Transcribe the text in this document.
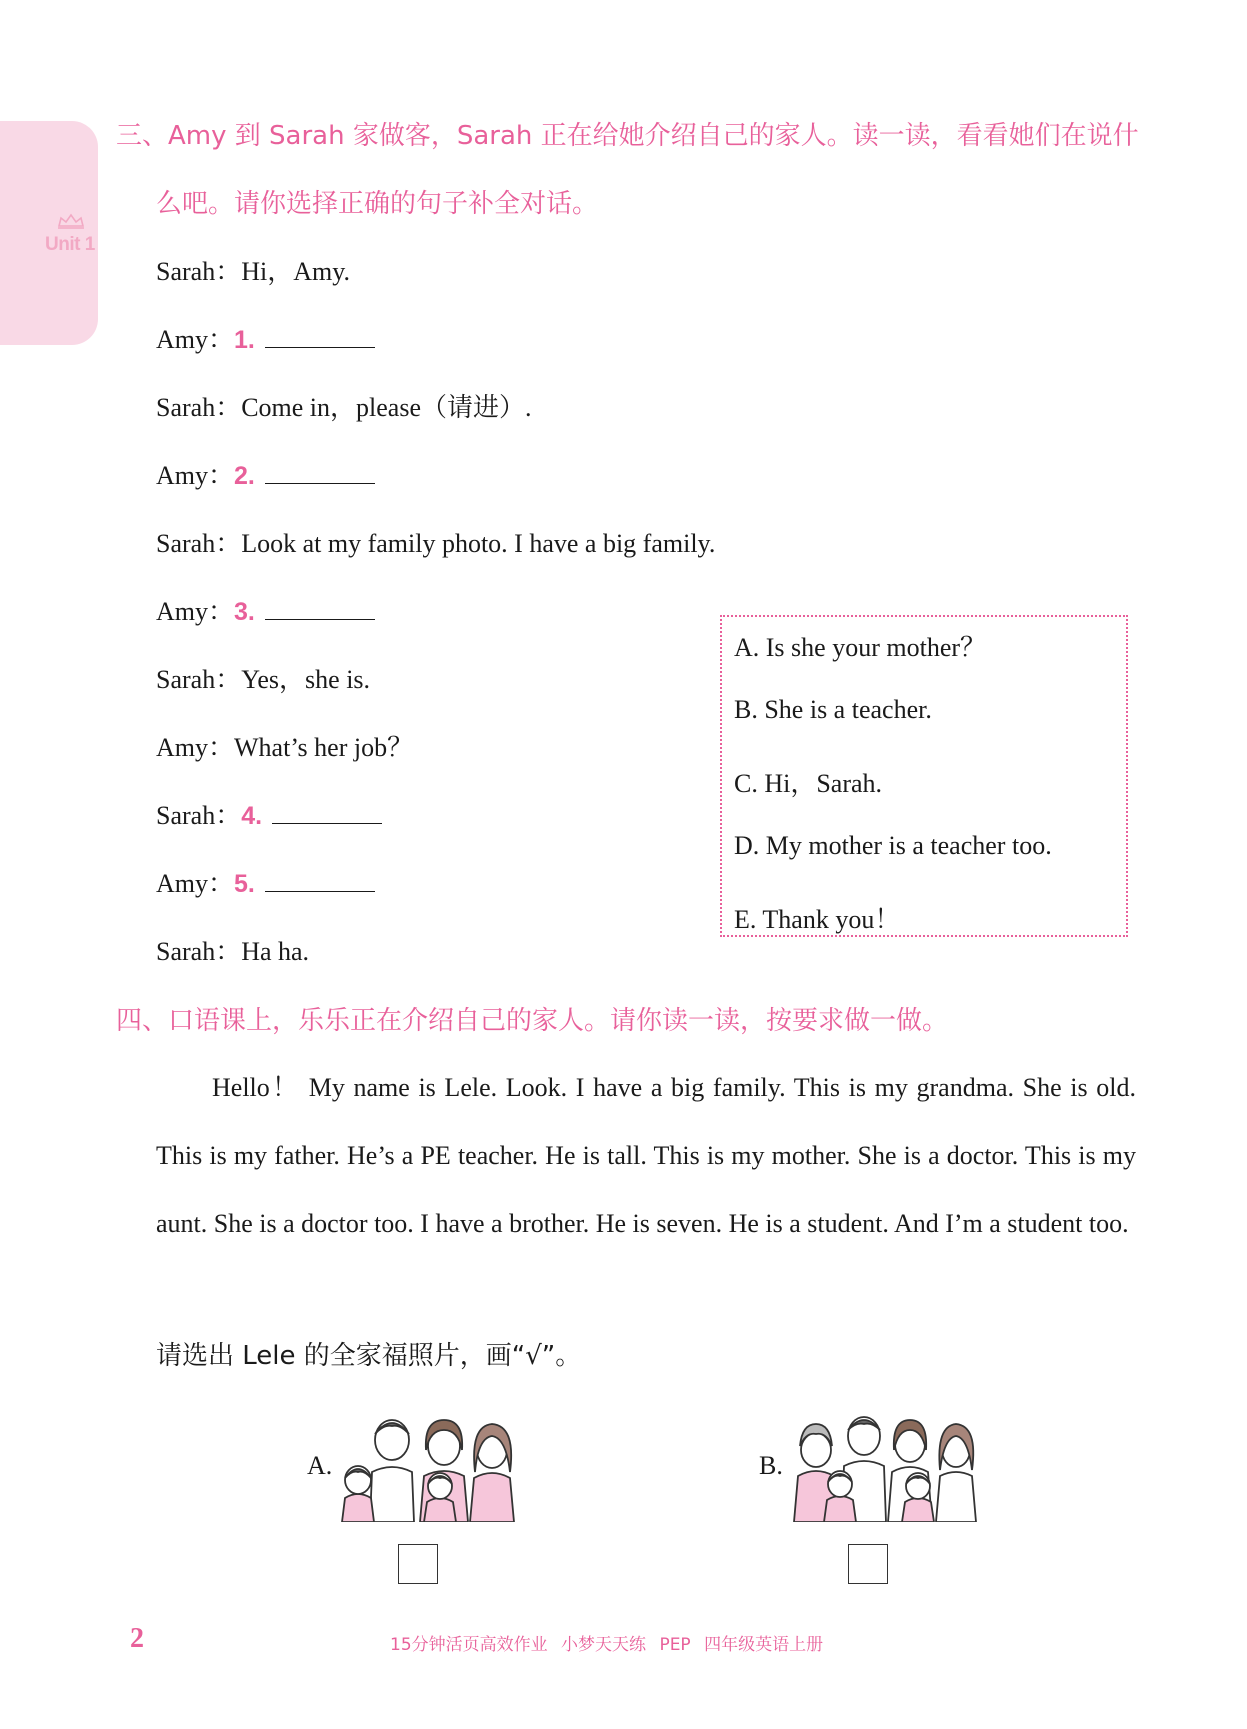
Unit 1
三、Amy 到 Sarah 家做客，Sarah 正在给她介绍自己的家人。读一读，看看她们在说什
么吧。请你选择正确的句子补全对话。
Sarah：Hi，Amy.
Amy：1.
Sarah：Come in，please（请进）.
Amy：2.
Sarah：Look at my family photo. I have a big family.
Amy：3.
Sarah：Yes，she is.
Amy：What’s her job？
Sarah：4.
Amy：5.
Sarah：Ha ha.
A. Is she your mother？
B. She is a teacher.
C. Hi，Sarah.
D. My mother is a teacher too.
E. Thank you！
四、口语课上，乐乐正在介绍自己的家人。请你读一读，按要求做一做。
Hello！ My name is Lele. Look. I have a big family. This is my grandma. She is old. This is my father. He’s a PE teacher. He is tall. This is my mother. She is a doctor. This is my aunt. She is a doctor too. I have a brother. He is seven. He is a student. And I’m a student too.
请选出 Lele 的全家福照片，画“√”。
A.	B.
2	15分钟活页高效作业 小梦天天练 PEP 四年级英语上册
